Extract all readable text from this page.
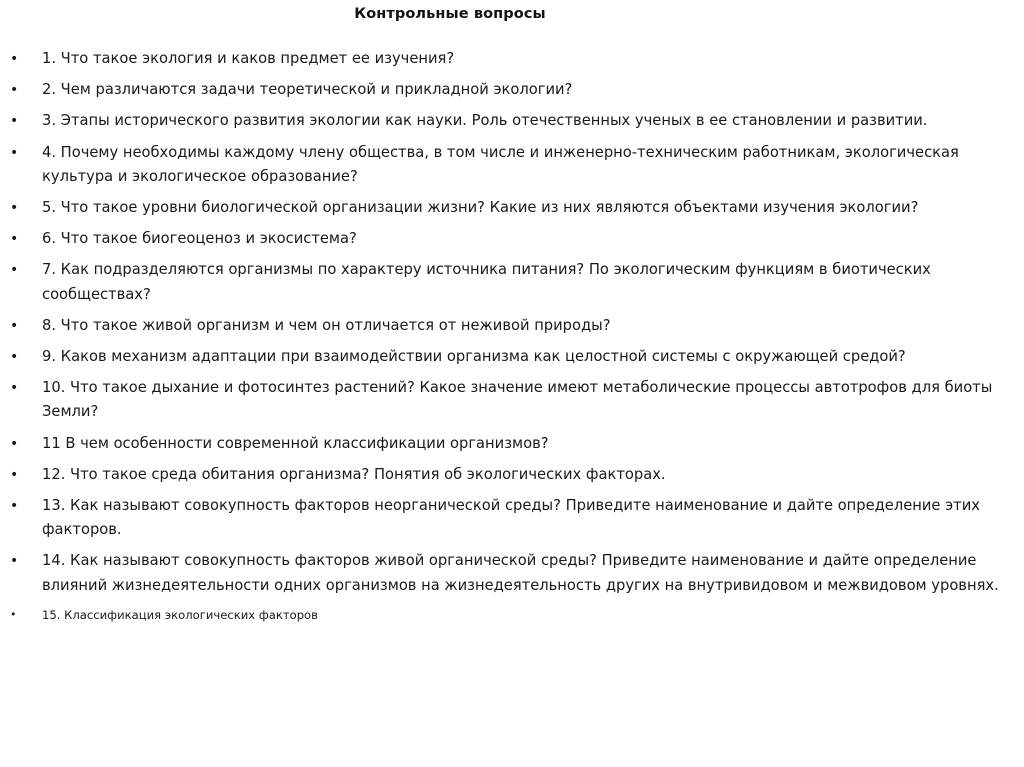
Контрольные вопросы
• 1. Что такое экология и каков предмет ее изучения?
• 2. Чем различаются задачи теоретической и прикладной экологии?
• 3. Этапы исторического развития экологии как науки. Роль отечественных ученых в ее становлении и развитии.
• 4. Почему необходимы каждому члену общества, в том числе и инженерно-техническим работникам, экологическая культура и экологическое образование?
• 5. Что такое уровни биологической организации жизни? Какие из них являются объектами изучения экологии?
• 6. Что такое биогеоценоз и экосистема?
• 7. Как подразделяются организмы по характеру источника питания? По экологическим функциям в биотических сообществах?
• 8. Что такое живой организм и чем он отличается от неживой природы?
• 9. Каков механизм адаптации при взаимодействии организма как целостной системы с окружающей средой?
• 10. Что такое дыхание и фотосинтез растений? Какое значение имеют метаболические процессы автотрофов для биоты Земли?
• 11 В чем особенности современной классификации организмов?
• 12. Что такое среда обитания организма? Понятия об экологических факторах.
• 13. Как называют совокупность факторов неорганической среды? Приведите наименование и дайте определение этих факторов.
• 14. Как называют совокупность факторов живой органической среды? Приведите наименование и дайте определение влияний жизнедеятельности одних организмов на жизнедеятельность других на внутривидовом и межвидовом уровнях.
•	15. Классификация экологических факторов
